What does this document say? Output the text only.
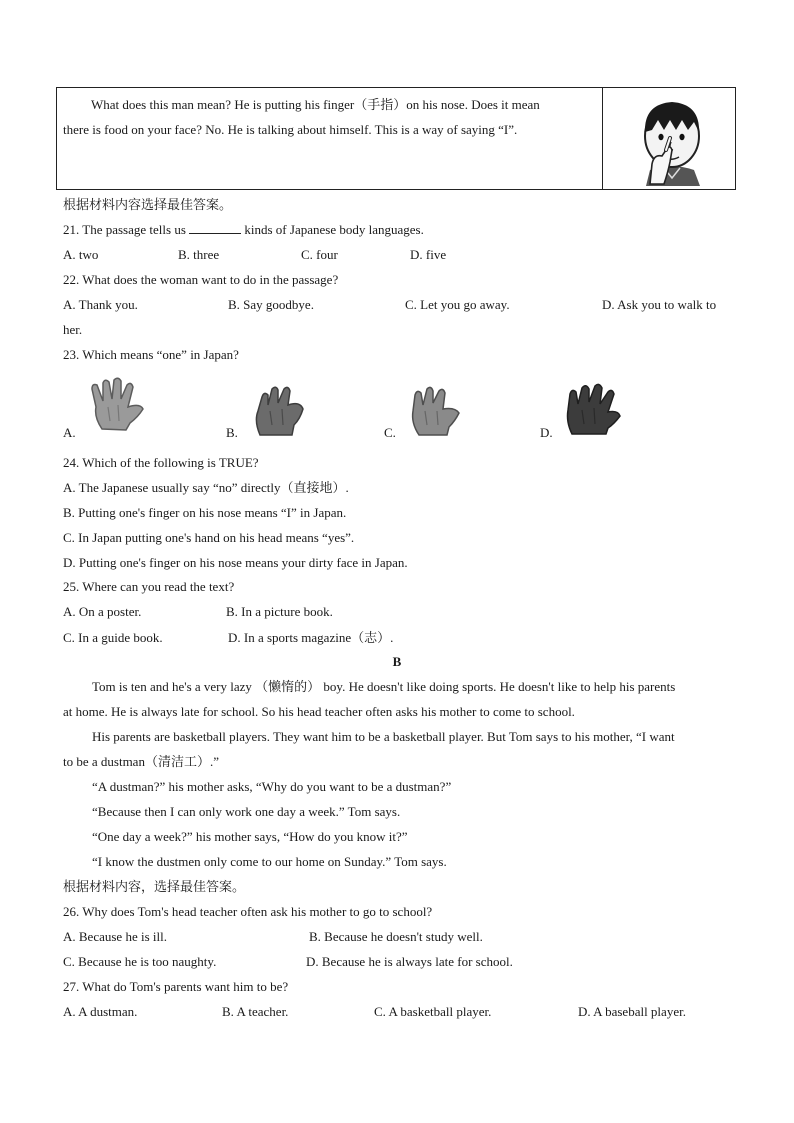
What does this man mean? He is putting his finger（手指）on his nose. Does it mean

there is food on your face? No. He is talking about himself. This is a way of saying “I”.

根据材料内容选择最佳答案。
21. The passage tells us	kinds of Japanese body languages.
A. two	B. three	C. four	D. five
22. What does the woman want to do in the passage?
A. Thank you.	B. Say goodbye.	C. Let you go away.	D. Ask you to walk to
her.
23. Which means “one” in Japan?
A.	B.	C.	D.
24. Which of the following is TRUE?
A. The Japanese usually say “no” directly（直接地）.
B. Putting one's finger on his nose means “I” in Japan.
C. In Japan putting one's hand on his head means “yes”.
D. Putting one's finger on his nose means your dirty face in Japan.
25. Where can you read the text?
A. On a poster.	B. In a picture book.
C. In a guide book.	D. In a sports magazine（志）.
B
Tom is ten and he's a very lazy （懒惰的） boy. He doesn't like doing sports. He doesn't like to help his parents
at home. He is always late for school. So his head teacher often asks his mother to come to school.
His parents are basketball players. They want him to be a basketball player. But Tom says to his mother, “I want
to be a dustman（清洁工）.”
“A dustman?” his mother asks, “Why do you want to be a dustman?”
“Because then I can only work one day a week.” Tom says.
“One day a week?” his mother says, “How do you know it?”
“I know the dustmen only come to our home on Sunday.” Tom says.
根据材料内容，选择最佳答案。
26. Why does Tom's head teacher often ask his mother to go to school?
A. Because he is ill.	B. Because he doesn't study well.
C. Because he is too naughty.	D. Because he is always late for school.
27. What do Tom's parents want him to be?
A. A dustman.	B. A teacher.	C. A basketball player.	D. A baseball player.
